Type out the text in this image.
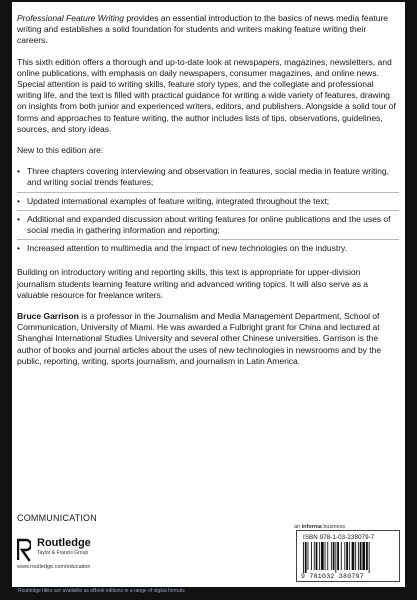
Professional Feature Writing provides an essential introduction to the basics of news media feature writing and establishes a solid foundation for students and writers making feature writing their careers.

This sixth edition offers a thorough and up-to-date look at newspapers, magazines, newsletters, and online publications, with emphasis on daily newspapers, consumer magazines, and online news. Special attention is paid to writing skills, feature story types, and the collegiate and professional writing life, and the text is filled with practical guidance for writing a wide variety of features, drawing on insights from both junior and experienced writers, editors, and publishers. Alongside a solid tour of forms and approaches to feature writing, the author includes lists of tips, observations, guidelines, sources, and story ideas.

New to this edition are:

• Three chapters covering interviewing and observation in features, social media in feature writing, and writing social trends features;
• Updated international examples of feature writing, integrated throughout the text;
• Additional and expanded discussion about writing features for online publications and the uses of social media in gathering information and reporting;
• Increased attention to multimedia and the impact of new technologies on the industry.

Building on introductory writing and reporting skills, this text is appropriate for upper-division journalism students learning feature writing and advanced writing topics. It will also serve as a valuable resource for freelance writers.

Bruce Garrison is a professor in the Journalism and Media Management Department, School of Communication, University of Miami. He was awarded a Fulbright grant for China and lectured at Shanghai International Studies University and several other Chinese universities. Garrison is the author of books and journal articles about the uses of new technologies in newsrooms and by the public, reporting, writing, sports journalism, and journalism in Latin America.

COMMUNICATION
Routledge
Taylor & Francis Group
www.routledge.com/education
an informa business
ISBN 978-1-03-238079-7
9 781032 380797
Routledge titles are available as eBook editions in a range of digital formats
